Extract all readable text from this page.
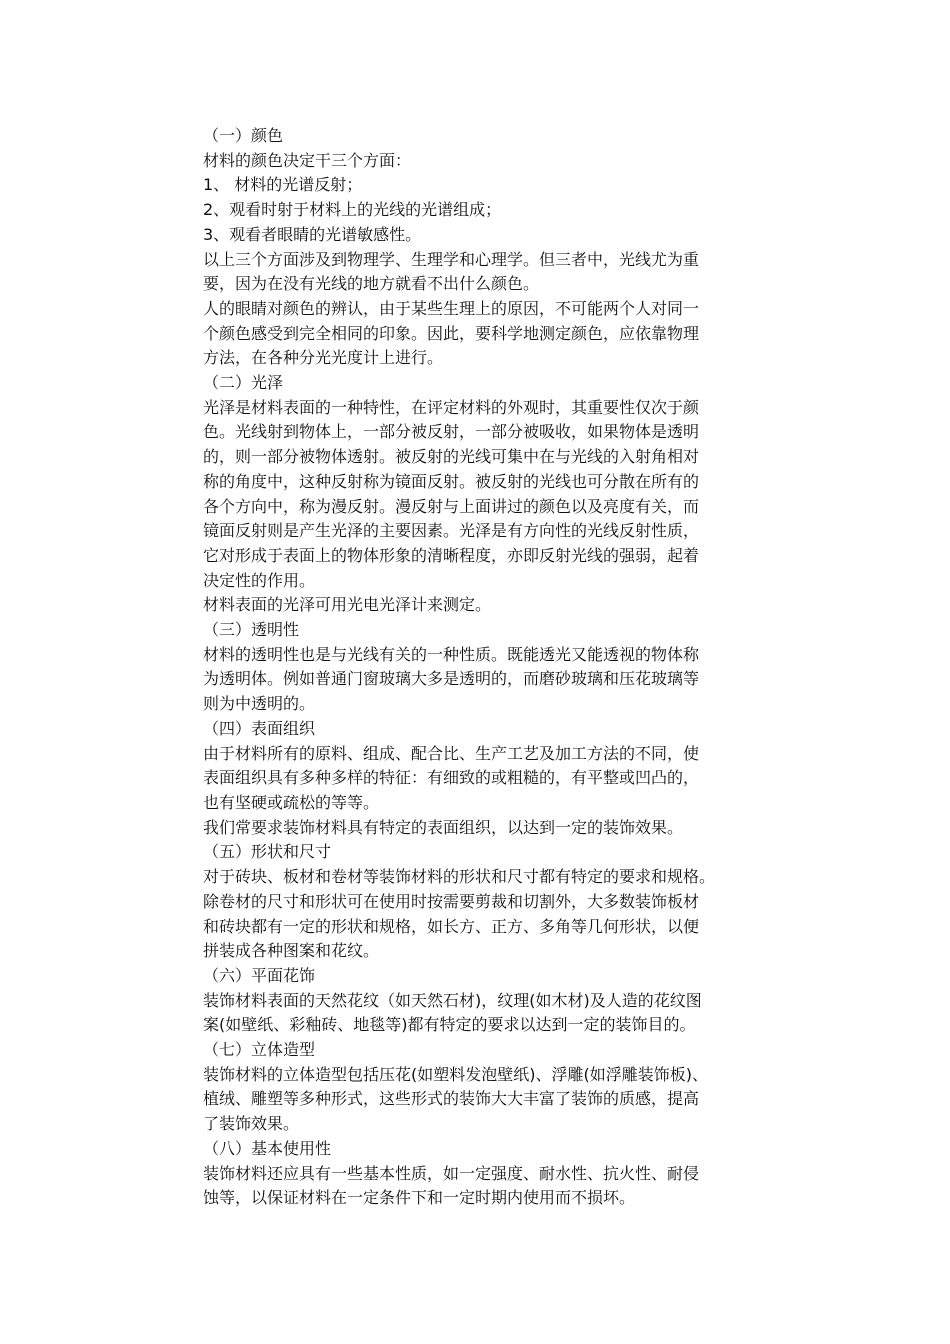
（一）颜色
材料的颜色决定干三个方面：
1、 材料的光谱反射；
2、观看时射于材料上的光线的光谱组成；
3、观看者眼睛的光谱敏感性。
以上三个方面涉及到物理学、生理学和心理学。但三者中，光线尤为重
要，因为在没有光线的地方就看不出什么颜色。
人的眼睛对颜色的辨认，由于某些生理上的原因，不可能两个人对同一
个颜色感受到完全相同的印象。因此，要科学地测定颜色，应依靠物理
方法，在各种分光光度计上进行。
（二）光泽
光泽是材料表面的一种特性，在评定材料的外观时，其重要性仅次于颜
色。光线射到物体上，一部分被反射，一部分被吸收，如果物体是透明
的，则一部分被物体透射。被反射的光线可集中在与光线的入射角相对
称的角度中，这种反射称为镜面反射。被反射的光线也可分散在所有的
各个方向中，称为漫反射。漫反射与上面讲过的颜色以及亮度有关，而
镜面反射则是产生光泽的主要因素。光泽是有方向性的光线反射性质，
它对形成于表面上的物体形象的清晰程度，亦即反射光线的强弱，起着
决定性的作用。
材料表面的光泽可用光电光泽计来测定。
（三）透明性
材料的透明性也是与光线有关的一种性质。既能透光又能透视的物体称
为透明体。例如普通门窗玻璃大多是透明的，而磨砂玻璃和压花玻璃等
则为中透明的。
（四）表面组织
由于材料所有的原料、组成、配合比、生产工艺及加工方法的不同，使
表面组织具有多种多样的特征：有细致的或粗糙的，有平整或凹凸的，
也有坚硬或疏松的等等。
我们常要求装饰材料具有特定的表面组织，以达到一定的装饰效果。
（五）形状和尺寸
对于砖块、板材和卷材等装饰材料的形状和尺寸都有特定的要求和规格。
除卷材的尺寸和形状可在使用时按需要剪裁和切割外，大多数装饰板材
和砖块都有一定的形状和规格，如长方、正方、多角等几何形状，以便
拼装成各种图案和花纹。
（六）平面花饰
装饰材料表面的天然花纹（如天然石材)，纹理(如木材)及人造的花纹图
案(如壁纸、彩釉砖、地毯等)都有特定的要求以达到一定的装饰目的。
（七）立体造型
装饰材料的立体造型包括压花(如塑料发泡壁纸)、浮雕(如浮雕装饰板)、
植绒、雕塑等多种形式，这些形式的装饰大大丰富了装饰的质感，提高
了装饰效果。
（八）基本使用性
装饰材料还应具有一些基本性质，如一定强度、耐水性、抗火性、耐侵
蚀等，以保证材料在一定条件下和一定时期内使用而不损坏。
